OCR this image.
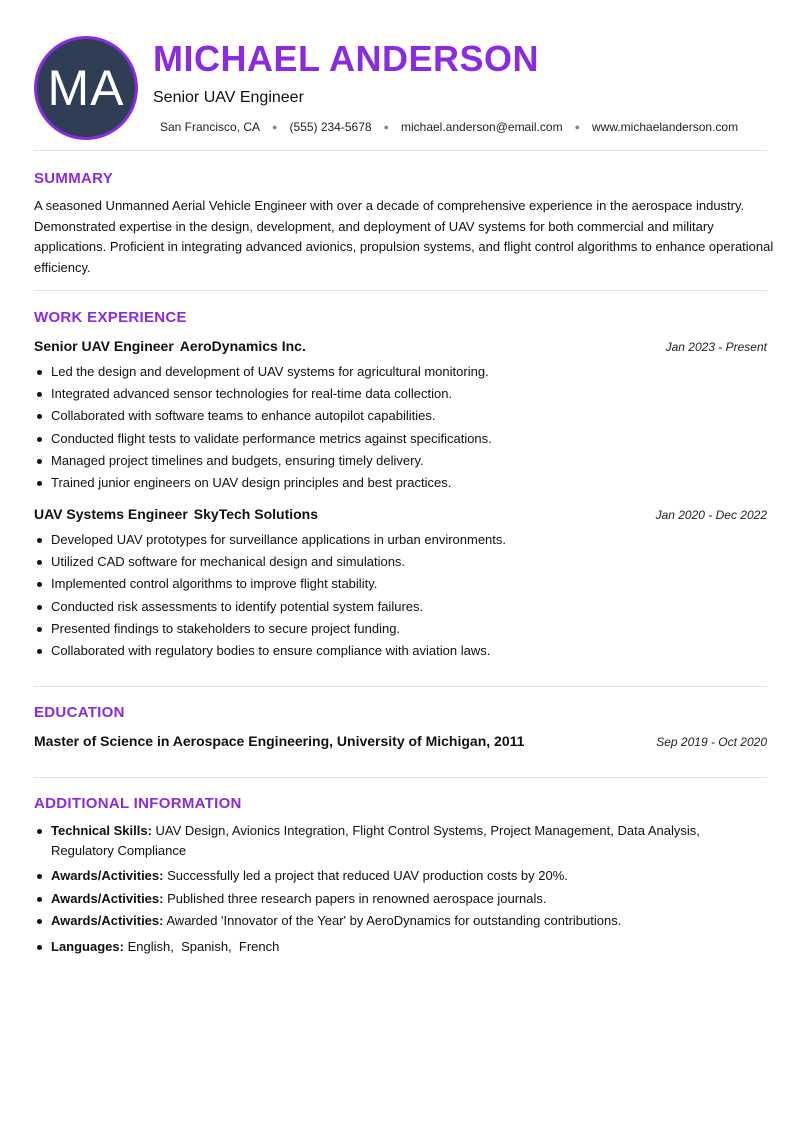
MA
MICHAEL ANDERSON
Senior UAV Engineer
San Francisco, CA ● (555) 234-5678 ● michael.anderson@email.com ● www.michaelanderson.com
SUMMARY
A seasoned Unmanned Aerial Vehicle Engineer with over a decade of comprehensive experience in the aerospace industry. Demonstrated expertise in the design, development, and deployment of UAV systems for both commercial and military applications. Proficient in integrating advanced avionics, propulsion systems, and flight control algorithms to enhance operational efficiency.
WORK EXPERIENCE
Senior UAV Engineer AeroDynamics Inc.	Jan 2023 - Present
Led the design and development of UAV systems for agricultural monitoring.
Integrated advanced sensor technologies for real-time data collection.
Collaborated with software teams to enhance autopilot capabilities.
Conducted flight tests to validate performance metrics against specifications.
Managed project timelines and budgets, ensuring timely delivery.
Trained junior engineers on UAV design principles and best practices.
UAV Systems Engineer SkyTech Solutions	Jan 2020 - Dec 2022
Developed UAV prototypes for surveillance applications in urban environments.
Utilized CAD software for mechanical design and simulations.
Implemented control algorithms to improve flight stability.
Conducted risk assessments to identify potential system failures.
Presented findings to stakeholders to secure project funding.
Collaborated with regulatory bodies to ensure compliance with aviation laws.
EDUCATION
Master of Science in Aerospace Engineering, University of Michigan, 2011	Sep 2019 - Oct 2020
ADDITIONAL INFORMATION
Technical Skills: UAV Design, Avionics Integration, Flight Control Systems, Project Management, Data Analysis, Regulatory Compliance
Awards/Activities: Successfully led a project that reduced UAV production costs by 20%.
Awards/Activities: Published three research papers in renowned aerospace journals.
Awards/Activities: Awarded 'Innovator of the Year' by AeroDynamics for outstanding contributions.
Languages: English,  Spanish,  French
